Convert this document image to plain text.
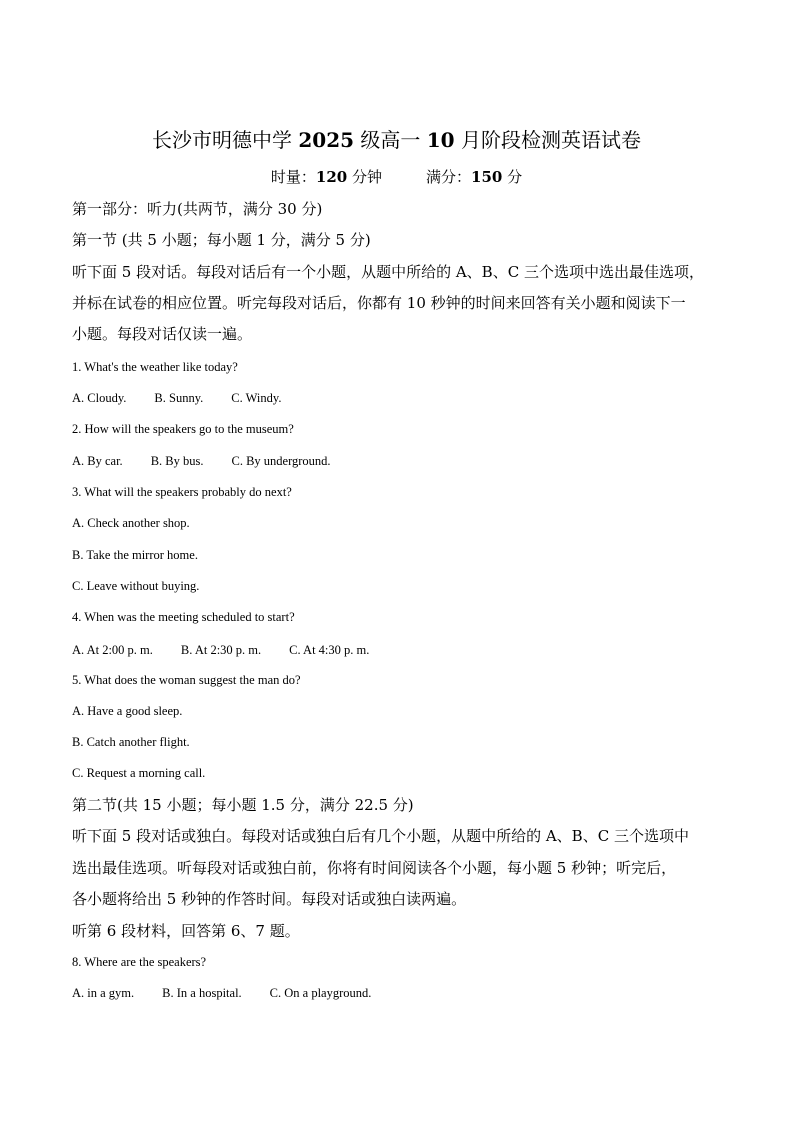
长沙市明德中学 2025 级高一 10 月阶段检测英语试卷
时量：120 分钟	满分：150 分
第一部分：听力(共两节，满分 30 分)
第一节 (共 5 小题；每小题 1 分，满分 5 分)
听下面 5 段对话。每段对话后有一个小题，从题中所给的 A、B、C 三个选项中选出最佳选项，
并标在试卷的相应位置。听完每段对话后，你都有 10 秒钟的时间来回答有关小题和阅读下一
小题。每段对话仅读一遍。
1. What's the weather like today?
A. Cloudy. B. Sunny. C. Windy.
2. How will the speakers go to the museum?
A. By car. B. By bus. C. By underground.
3. What will the speakers probably do next?
A. Check another shop.
B. Take the mirror home.
C. Leave without buying.
4. When was the meeting scheduled to start?
A. At 2:00 p. m. B. At 2:30 p. m. C. At 4:30 p. m.
5. What does the woman suggest the man do?
A. Have a good sleep.
B. Catch another flight.
C. Request a morning call.
第二节(共 15 小题；每小题 1.5 分，满分 22.5 分)
听下面 5 段对话或独白。每段对话或独白后有几个小题，从题中所给的 A、B、C 三个选项中
选出最佳选项。听每段对话或独白前，你将有时间阅读各个小题，每小题 5 秒钟；听完后，
各小题将给出 5 秒钟的作答时间。每段对话或独白读两遍。
听第 6 段材料，回答第 6、7 题。
8. Where are the speakers?
A. in a gym. B. In a hospital. C. On a playground.
